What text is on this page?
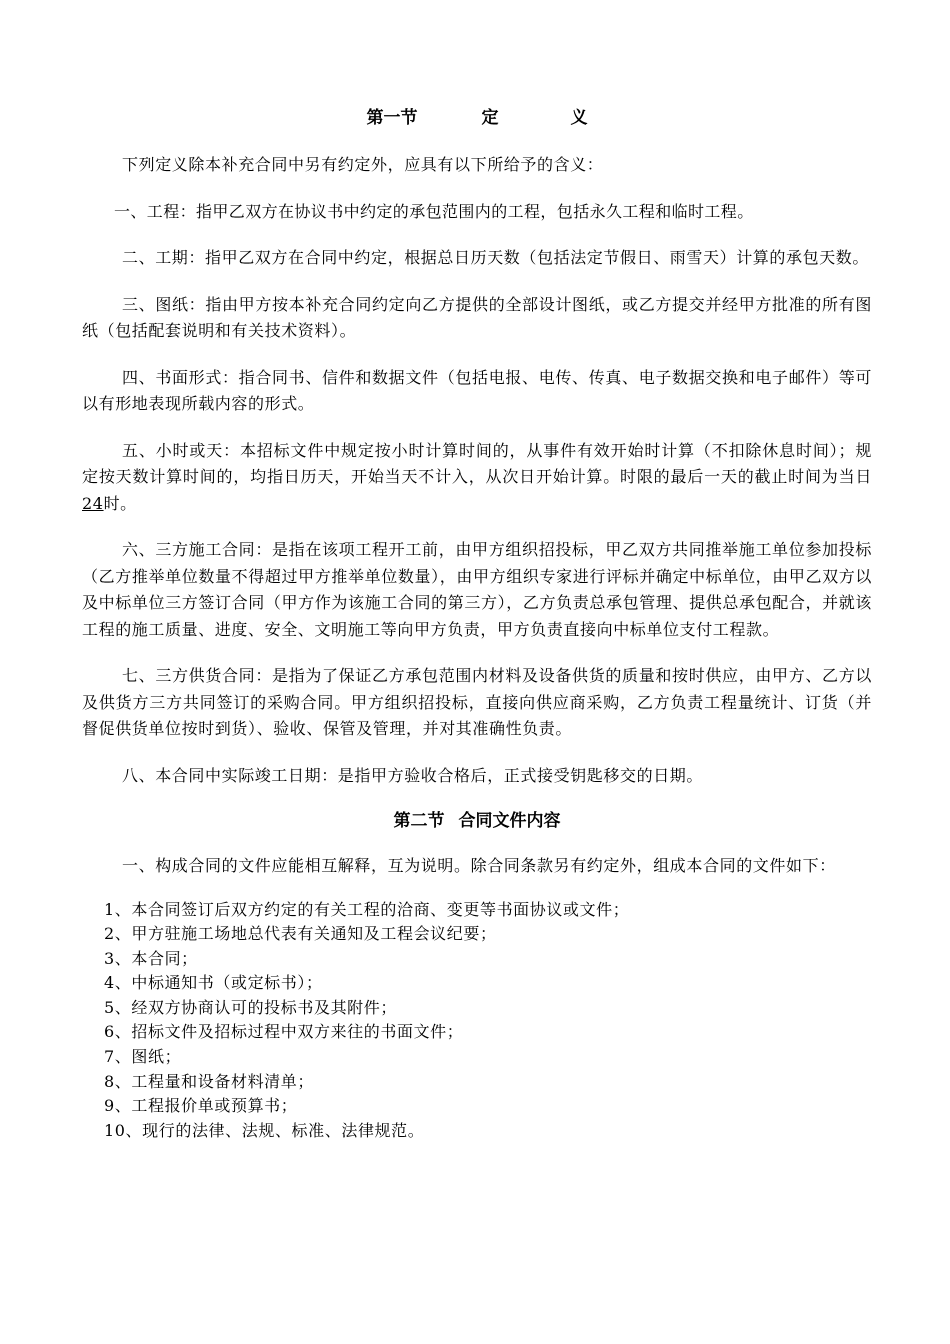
第一节	定	义

下列定义除本补充合同中另有约定外，应具有以下所给予的含义：

一、工程：指甲乙双方在协议书中约定的承包范围内的工程，包括永久工程和临时工程。

二、工期：指甲乙双方在合同中约定，根据总日历天数（包括法定节假日、雨雪天）计算的承包天数。

三、图纸：指由甲方按本补充合同约定向乙方提供的全部设计图纸，或乙方提交并经甲方批准的所有图纸（包括配套说明和有关技术资料）。

四、书面形式：指合同书、信件和数据文件（包括电报、电传、传真、电子数据交换和电子邮件）等可以有形地表现所载内容的形式。

五、小时或天：本招标文件中规定按小时计算时间的，从事件有效开始时计算（不扣除休息时间）；规定按天数计算时间的，均指日历天，开始当天不计入，从次日开始计算。时限的最后一天的截止时间为当日24时。

六、三方施工合同：是指在该项工程开工前，由甲方组织招投标，甲乙双方共同推举施工单位参加投标（乙方推举单位数量不得超过甲方推举单位数量），由甲方组织专家进行评标并确定中标单位，由甲乙双方以及中标单位三方签订合同（甲方作为该施工合同的第三方），乙方负责总承包管理、提供总承包配合，并就该工程的施工质量、进度、安全、文明施工等向甲方负责，甲方负责直接向中标单位支付工程款。

七、三方供货合同：是指为了保证乙方承包范围内材料及设备供货的质量和按时供应，由甲方、乙方以及供货方三方共同签订的采购合同。甲方组织招投标，直接向供应商采购，乙方负责工程量统计、订货（并督促供货单位按时到货）、验收、保管及管理，并对其准确性负责。

八、本合同中实际竣工日期：是指甲方验收合格后，正式接受钥匙移交的日期。

第二节 合同文件内容

一、构成合同的文件应能相互解释，互为说明。除合同条款另有约定外，组成本合同的文件如下：

1、本合同签订后双方约定的有关工程的洽商、变更等书面协议或文件；
2、甲方驻施工场地总代表有关通知及工程会议纪要；
3、本合同；
4、中标通知书（或定标书）；
5、经双方协商认可的投标书及其附件；
6、招标文件及招标过程中双方来往的书面文件；
7、图纸；
8、工程量和设备材料清单；
9、工程报价单或预算书；
10、现行的法律、法规、标准、法律规范。
